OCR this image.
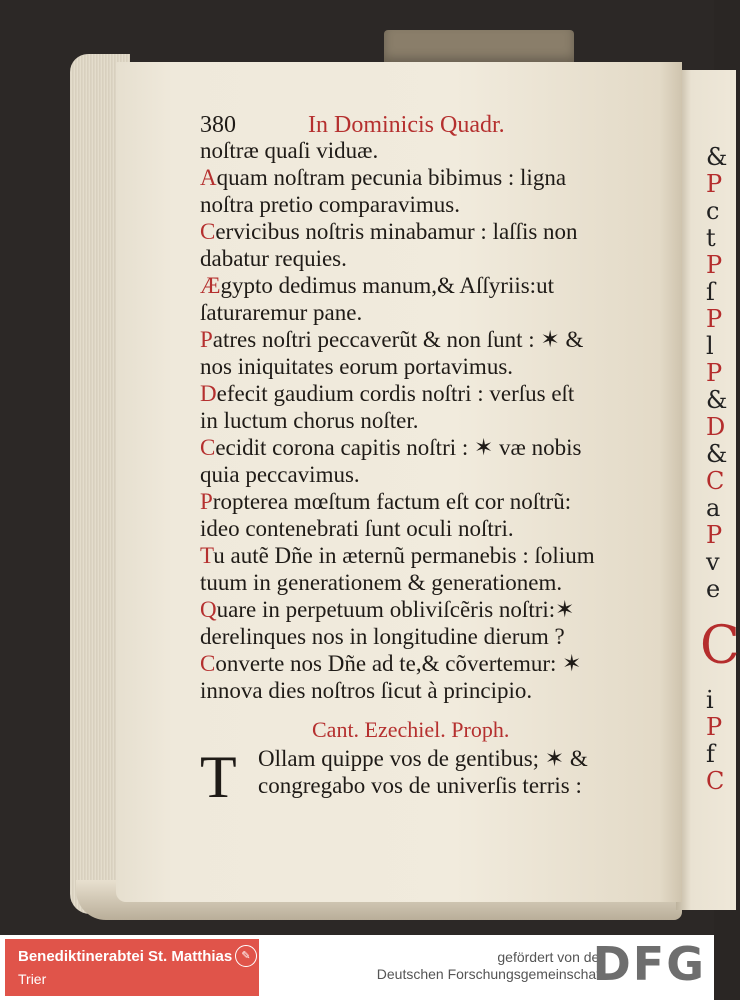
&
P
c
t
P
ſ
P
l
P
&
D
&
C
a
P
v
e
C
i
P
f
C
380	In Dominicis Quadr.
noſtræ quaſi viduæ.
Aquam noſtram pecunia bibimus : ligna
noſtra pretio comparavimus.
Cervicibus noſtris minabamur : laſſis non
dabatur requies.
Ægypto dedimus manum,& Aſſyriis:ut
ſaturaremur pane.
Patres noſtri peccaverũt & non ſunt : ✶ &
nos iniquitates eorum portavimus.
Defecit gaudium cordis noſtri : verſus eſt
in luctum chorus noſter.
Cecidit corona capitis noſtri : ✶ væ nobis
quia peccavimus.
Propterea mœſtum factum eſt cor noſtrũ:
ideo contenebrati ſunt oculi noſtri.
Tu autẽ Dñe in æternũ permanebis : ſolium
tuum in generationem & generationem.
Quare in perpetuum obliviſcẽris noſtri:✶
derelinques nos in longitudine dierum ?
Converte nos Dñe ad te,& cõvertemur: ✶
innova dies noſtros ſicut à principio.
Cant. Ezechiel. Proph.
T Ollam quippe vos de gentibus; ✶ &
congregabo vos de univerſis terris :
Benediktinerabtei St. Matthias
Trier
✎	gefördert von der
Deutschen Forschungsgemeinschaft
DFG
